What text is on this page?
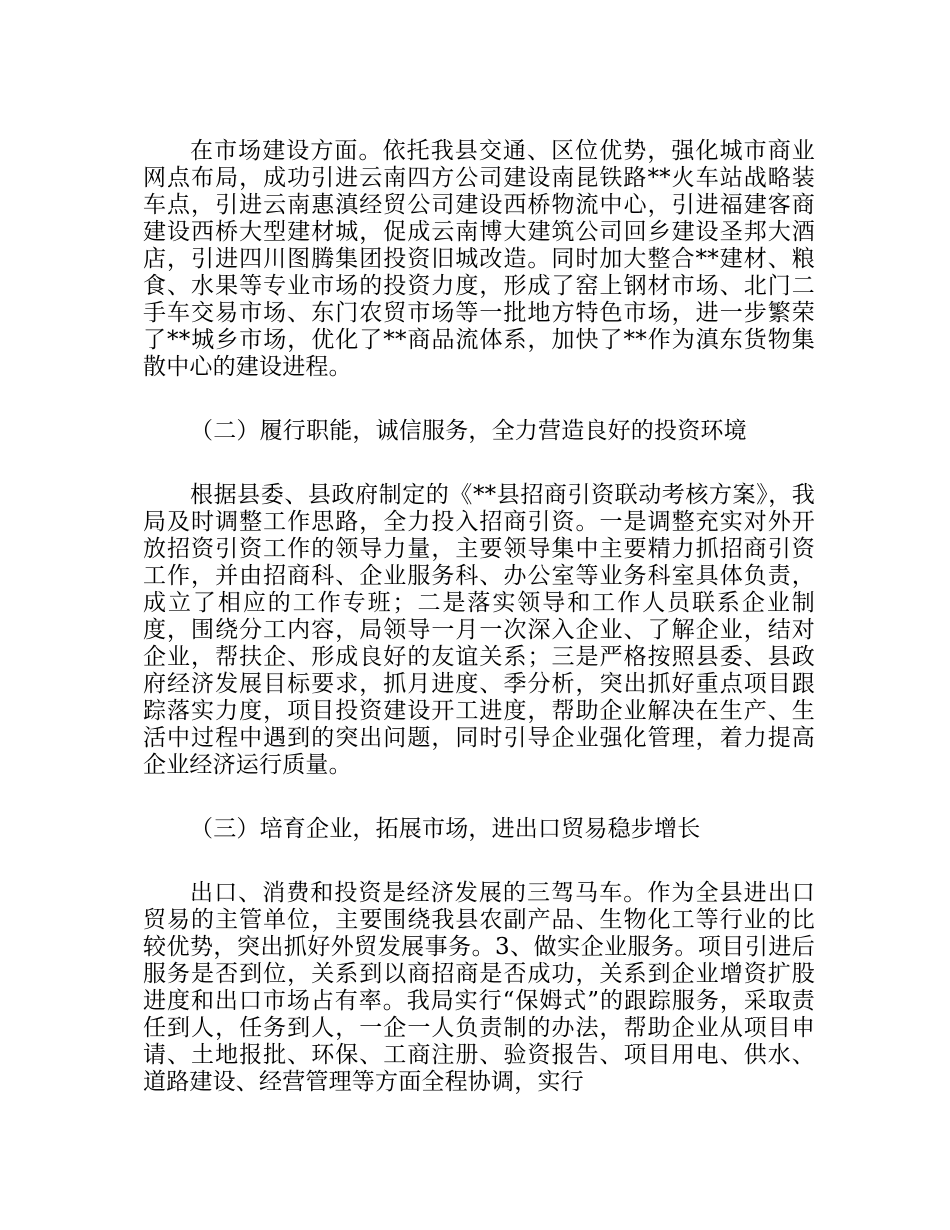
在市场建设方面。依托我县交通、区位优势，强化城市商业网点布局，成功引进云南四方公司建设南昆铁路**火车站战略装车点，引进云南惠滇经贸公司建设西桥物流中心，引进福建客商建设西桥大型建材城，促成云南博大建筑公司回乡建设圣邦大酒店，引进四川图腾集团投资旧城改造。同时加大整合**建材、粮食、水果等专业市场的投资力度，形成了窑上钢材市场、北门二手车交易市场、东门农贸市场等一批地方特色市场，进一步繁荣了**城乡市场，优化了**商品流体系，加快了**作为滇东货物集散中心的建设进程。

（二）履行职能，诚信服务，全力营造良好的投资环境

根据县委、县政府制定的《**县招商引资联动考核方案》，我局及时调整工作思路，全力投入招商引资。一是调整充实对外开放招资引资工作的领导力量，主要领导集中主要精力抓招商引资工作，并由招商科、企业服务科、办公室等业务科室具体负责，成立了相应的工作专班；二是落实领导和工作人员联系企业制度，围绕分工内容，局领导一月一次深入企业、了解企业，结对企业，帮扶企、形成良好的友谊关系；三是严格按照县委、县政府经济发展目标要求，抓月进度、季分析，突出抓好重点项目跟踪落实力度，项目投资建设开工进度，帮助企业解决在生产、生活中过程中遇到的突出问题，同时引导企业强化管理，着力提高企业经济运行质量。

（三）培育企业，拓展市场，进出口贸易稳步增长

出口、消费和投资是经济发展的三驾马车。作为全县进出口贸易的主管单位，主要围绕我县农副产品、生物化工等行业的比较优势，突出抓好外贸发展事务。3、做实企业服务。项目引进后服务是否到位，关系到以商招商是否成功，关系到企业增资扩股进度和出口市场占有率。我局实行“保姆式”的跟踪服务，采取责任到人，任务到人，一企一人负责制的办法，帮助企业从项目申请、土地报批、环保、工商注册、验资报告、项目用电、供水、道路建设、经营管理等方面全程协调，实行
